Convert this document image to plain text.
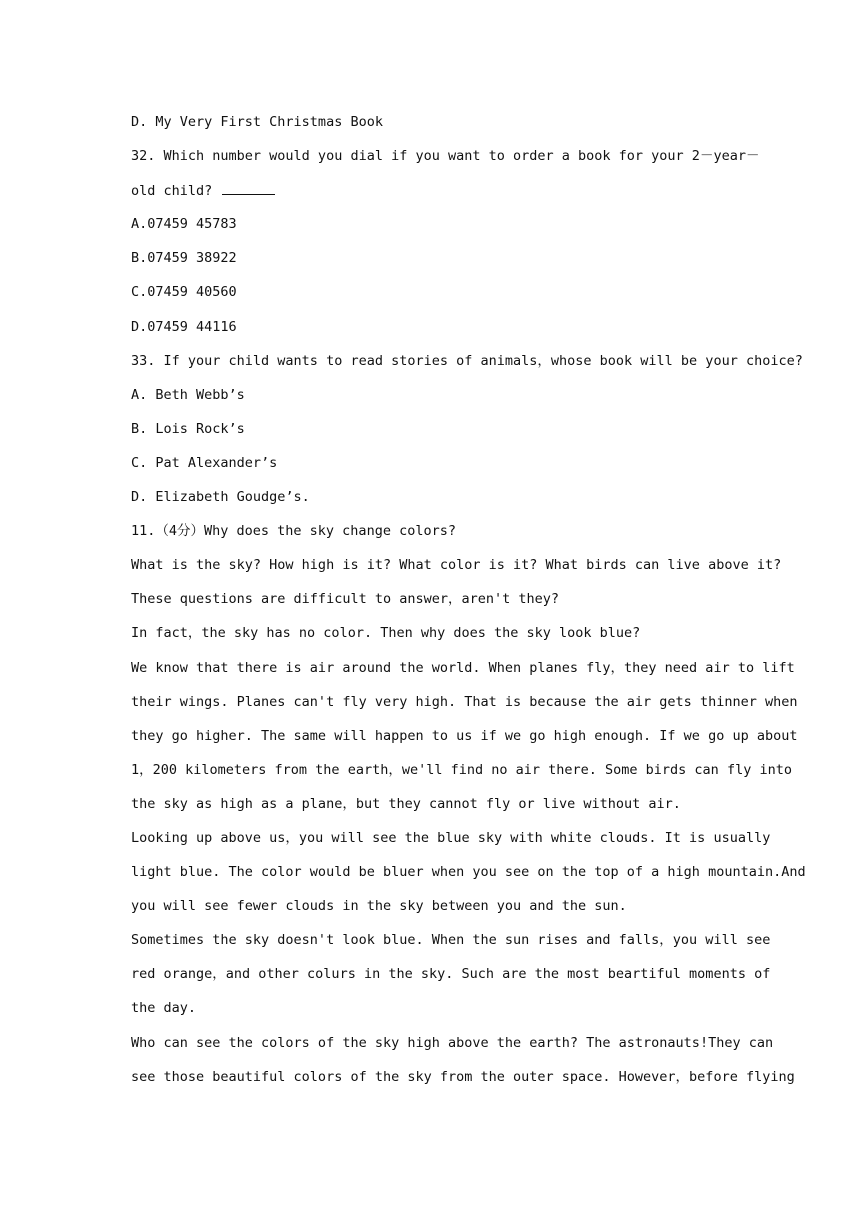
D. My Very First Christmas Book
32. Which number would you dial if you want to order a book for your 2－year－
old child?
A.07459 45783
B.07459 38922
C.07459 40560
D.07459 44116
33. If your child wants to read stories of animals，whose book will be your choice?
A. Beth Webb’s
B. Lois Rock’s
C. Pat Alexander’s
D. Elizabeth Goudge’s.
11.（4分）Why does the sky change colors?
What is the sky? How high is it? What color is it? What birds can live above it?
These questions are difficult to answer，aren't they?
In fact，the sky has no color. Then why does the sky look blue?
We know that there is air around the world. When planes fly，they need air to lift
their wings. Planes can't fly very high. That is because the air gets thinner when
they go higher. The same will happen to us if we go high enough. If we go up about
1，200 kilometers from the earth，we'll find no air there. Some birds can fly into
the sky as high as a plane，but they cannot fly or live without air.
Looking up above us，you will see the blue sky with white clouds. It is usually
light blue. The color would be bluer when you see on the top of a high mountain.And
you will see fewer clouds in the sky between you and the sun.
Sometimes the sky doesn't look blue. When the sun rises and falls，you will see
red orange，and other colurs in the sky. Such are the most beartiful moments of
the day.
Who can see the colors of the sky high above the earth? The astronauts!They can
see those beautiful colors of the sky from the outer space. However，before flying
